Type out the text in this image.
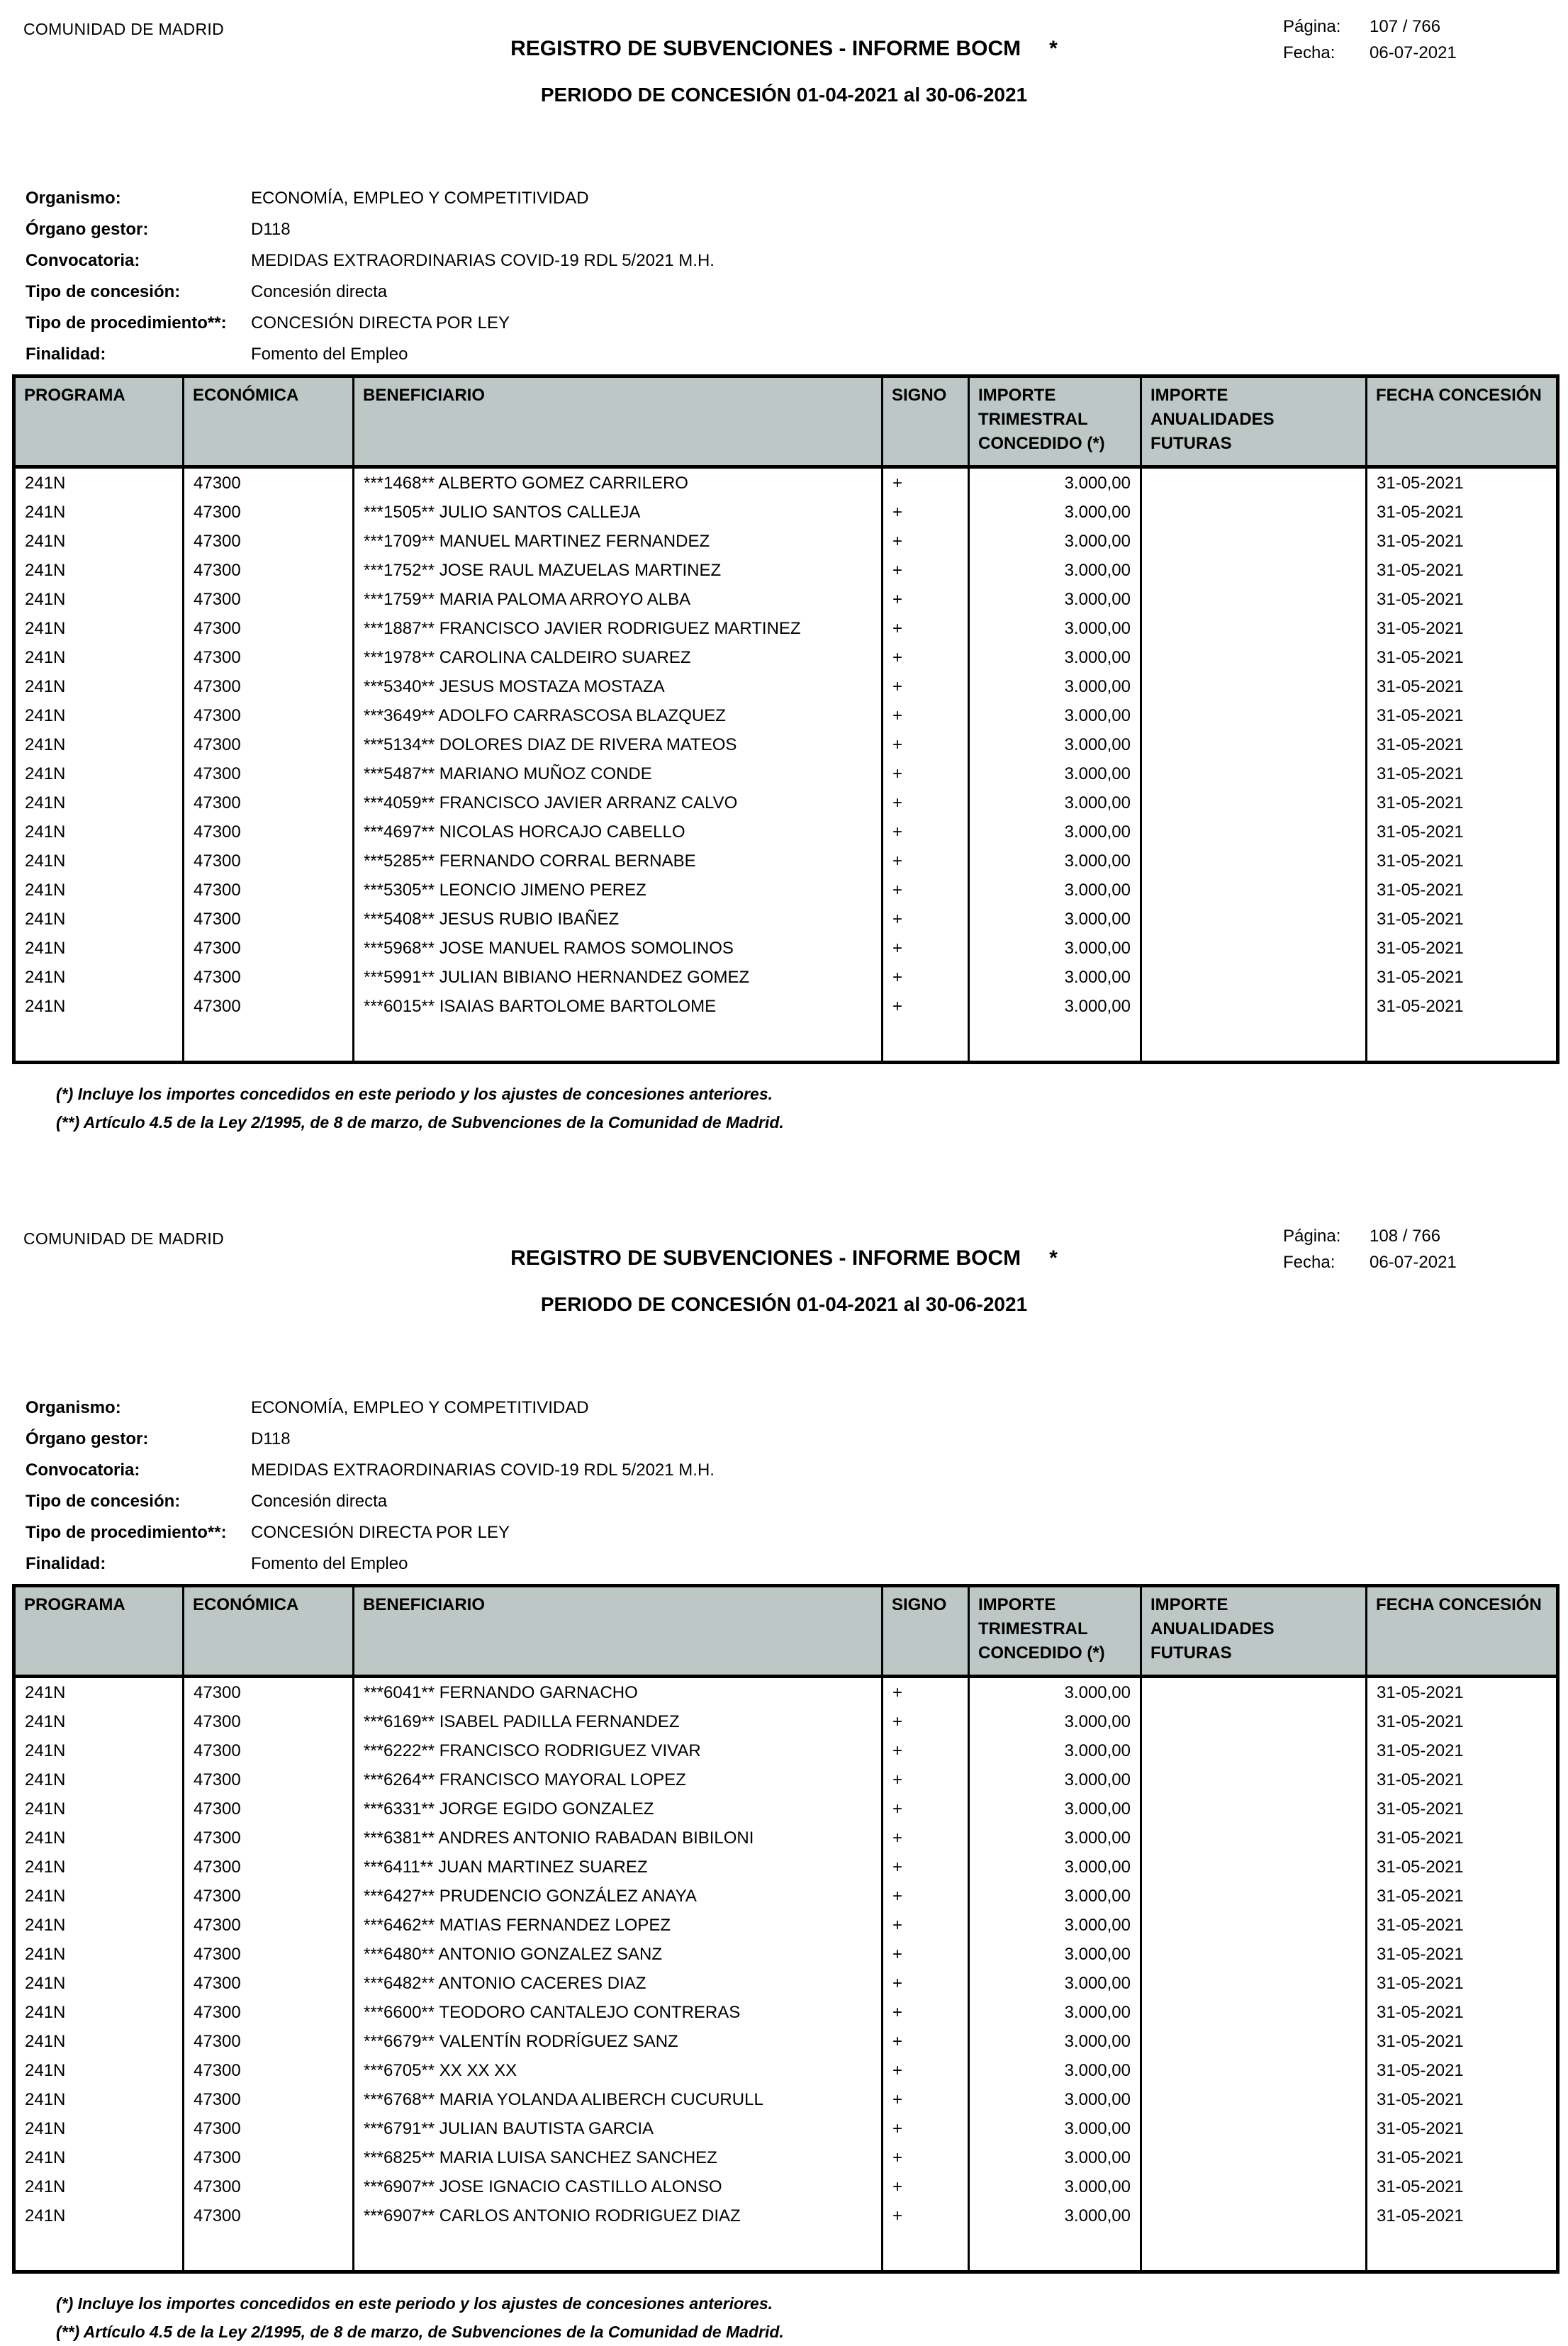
COMUNIDAD DE MADRID	Página:	107 / 766
Fecha:	06-07-2021
REGISTRO DE SUBVENCIONES - INFORME BOCM *
PERIODO DE CONCESIÓN 01-04-2021 al 30-06-2021
Organismo:	ECONOMÍA, EMPLEO Y COMPETITIVIDAD
Órgano gestor:	D118
Convocatoria:	MEDIDAS EXTRAORDINARIAS COVID-19 RDL 5/2021 M.H.
Tipo de concesión:	Concesión directa
Tipo de procedimiento**:	CONCESIÓN DIRECTA POR LEY
Finalidad:	Fomento del Empleo
PROGRAMA	ECONÓMICA	BENEFICIARIO	SIGNO	IMPORTE TRIMESTRAL CONCEDIDO (*)	IMPORTE ANUALIDADES FUTURAS	FECHA CONCESIÓN

241N	47300	***1468** ALBERTO GOMEZ CARRILERO	+	3.000,00		31-05-2021
241N	47300	***1505** JULIO SANTOS CALLEJA	+	3.000,00		31-05-2021
241N	47300	***1709** MANUEL MARTINEZ FERNANDEZ	+	3.000,00		31-05-2021
241N	47300	***1752** JOSE RAUL MAZUELAS MARTINEZ	+	3.000,00		31-05-2021
241N	47300	***1759** MARIA PALOMA ARROYO ALBA	+	3.000,00		31-05-2021
241N	47300	***1887** FRANCISCO JAVIER RODRIGUEZ MARTINEZ	+	3.000,00		31-05-2021
241N	47300	***1978** CAROLINA CALDEIRO SUAREZ	+	3.000,00		31-05-2021
241N	47300	***5340** JESUS MOSTAZA MOSTAZA	+	3.000,00		31-05-2021
241N	47300	***3649** ADOLFO CARRASCOSA BLAZQUEZ	+	3.000,00		31-05-2021
241N	47300	***5134** DOLORES DIAZ DE RIVERA MATEOS	+	3.000,00		31-05-2021
241N	47300	***5487** MARIANO MUÑOZ CONDE	+	3.000,00		31-05-2021
241N	47300	***4059** FRANCISCO JAVIER ARRANZ CALVO	+	3.000,00		31-05-2021
241N	47300	***4697** NICOLAS HORCAJO CABELLO	+	3.000,00		31-05-2021
241N	47300	***5285** FERNANDO CORRAL BERNABE	+	3.000,00		31-05-2021
241N	47300	***5305** LEONCIO JIMENO PEREZ	+	3.000,00		31-05-2021
241N	47300	***5408** JESUS RUBIO IBAÑEZ	+	3.000,00		31-05-2021
241N	47300	***5968** JOSE MANUEL RAMOS SOMOLINOS	+	3.000,00		31-05-2021
241N	47300	***5991** JULIAN BIBIANO HERNANDEZ GOMEZ	+	3.000,00		31-05-2021
241N	47300	***6015** ISAIAS BARTOLOME BARTOLOME	+	3.000,00		31-05-2021

(*) Incluye los importes concedidos en este periodo y los ajustes de concesiones anteriores.
(**) Artículo 4.5 de la Ley 2/1995, de 8 de marzo, de Subvenciones de la Comunidad de Madrid.
COMUNIDAD DE MADRID	Página:	108 / 766
Fecha:	06-07-2021
REGISTRO DE SUBVENCIONES - INFORME BOCM *
PERIODO DE CONCESIÓN 01-04-2021 al 30-06-2021
Organismo:	ECONOMÍA, EMPLEO Y COMPETITIVIDAD
Órgano gestor:	D118
Convocatoria:	MEDIDAS EXTRAORDINARIAS COVID-19 RDL 5/2021 M.H.
Tipo de concesión:	Concesión directa
Tipo de procedimiento**:	CONCESIÓN DIRECTA POR LEY
Finalidad:	Fomento del Empleo
PROGRAMA	ECONÓMICA	BENEFICIARIO	SIGNO	IMPORTE TRIMESTRAL CONCEDIDO (*)	IMPORTE ANUALIDADES FUTURAS	FECHA CONCESIÓN

241N	47300	***6041** FERNANDO GARNACHO	+	3.000,00		31-05-2021
241N	47300	***6169** ISABEL PADILLA FERNANDEZ	+	3.000,00		31-05-2021
241N	47300	***6222** FRANCISCO RODRIGUEZ VIVAR	+	3.000,00		31-05-2021
241N	47300	***6264** FRANCISCO MAYORAL LOPEZ	+	3.000,00		31-05-2021
241N	47300	***6331** JORGE EGIDO GONZALEZ	+	3.000,00		31-05-2021
241N	47300	***6381** ANDRES ANTONIO RABADAN BIBILONI	+	3.000,00		31-05-2021
241N	47300	***6411** JUAN MARTINEZ SUAREZ	+	3.000,00		31-05-2021
241N	47300	***6427** PRUDENCIO GONZÁLEZ ANAYA	+	3.000,00		31-05-2021
241N	47300	***6462** MATIAS FERNANDEZ LOPEZ	+	3.000,00		31-05-2021
241N	47300	***6480** ANTONIO GONZALEZ SANZ	+	3.000,00		31-05-2021
241N	47300	***6482** ANTONIO CACERES DIAZ	+	3.000,00		31-05-2021
241N	47300	***6600** TEODORO CANTALEJO CONTRERAS	+	3.000,00		31-05-2021
241N	47300	***6679** VALENTÍN RODRÍGUEZ SANZ	+	3.000,00		31-05-2021
241N	47300	***6705** XX XX XX	+	3.000,00		31-05-2021
241N	47300	***6768** MARIA YOLANDA ALIBERCH CUCURULL	+	3.000,00		31-05-2021
241N	47300	***6791** JULIAN BAUTISTA GARCIA	+	3.000,00		31-05-2021
241N	47300	***6825** MARIA LUISA SANCHEZ SANCHEZ	+	3.000,00		31-05-2021
241N	47300	***6907** JOSE IGNACIO CASTILLO ALONSO	+	3.000,00		31-05-2021
241N	47300	***6907** CARLOS ANTONIO RODRIGUEZ DIAZ	+	3.000,00		31-05-2021

(*) Incluye los importes concedidos en este periodo y los ajustes de concesiones anteriores.
(**) Artículo 4.5 de la Ley 2/1995, de 8 de marzo, de Subvenciones de la Comunidad de Madrid.
